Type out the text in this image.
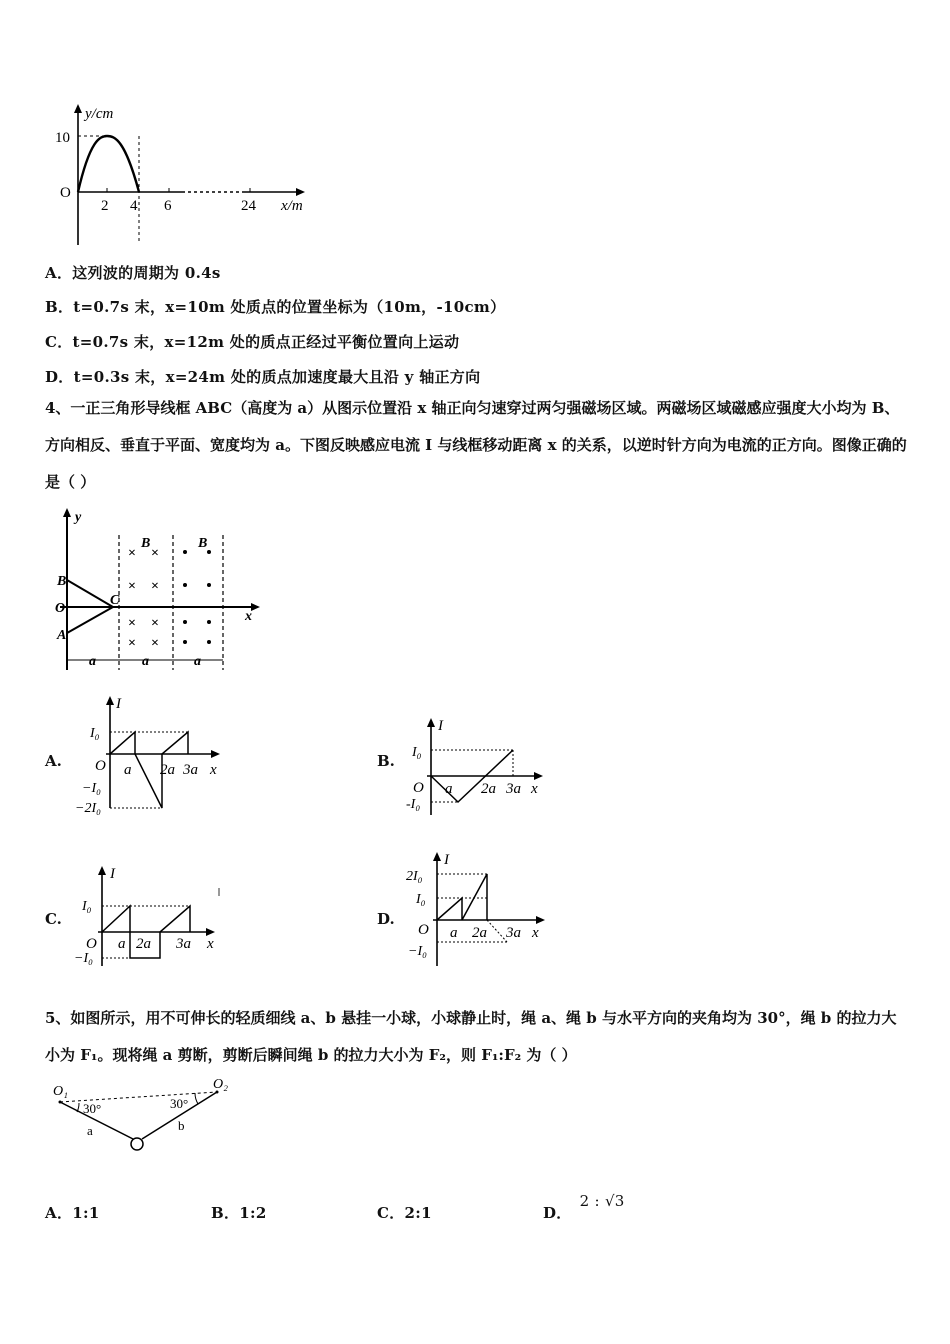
y/cm
x/m
O
10
2 4 6	24
A．这列波的周期为 0.4s
B．t=0.7s 末，x=10m 处质点的位置坐标为（10m，-10cm）
C．t=0.7s 末，x=12m 处的质点正经过平衡位置向上运动
D．t=0.3s 末，x=24m 处的质点加速度最大且沿 y 轴正方向
4、一正三角形导线框 ABC（高度为 a）从图示位置沿 x 轴正向匀速穿过两匀强磁场区域。两磁场区域磁感应强度大小均为 B、方向相反、垂直于平面、宽度均为 a。下图反映感应电流 I 与线框移动距离 x 的关系，以逆时针方向为电流的正方向。图像正确的是（ ）
× ×
× ×
× ×
× ×
y
x
O
A
B
C
B	B
a	a	a
A.
I
O	x
I₀
−I₀
−2I₀
a 2a 3a	B.
I
O	x
I₀
-I₀
a 2a 3a
C.
I
O	x
I₀
−I₀
a 2a 3a
D.
I
O	x
2I₀
I₀
−I₀
a 2a 3a
5、如图所示，用不可伸长的轻质细线 a、b 悬挂一小球，小球静止时，绳 a、绳 b 与水平方向的夹角均为 30°，绳 b 的拉力大小为 F₁。现将绳 a 剪断，剪断后瞬间绳 b 的拉力大小为 F₂，则 F₁:F₂ 为（ ）
O₁	O₂
30°	30°
a	b
A．1:1	B．1:2	C．2:1	D．2 : √3
